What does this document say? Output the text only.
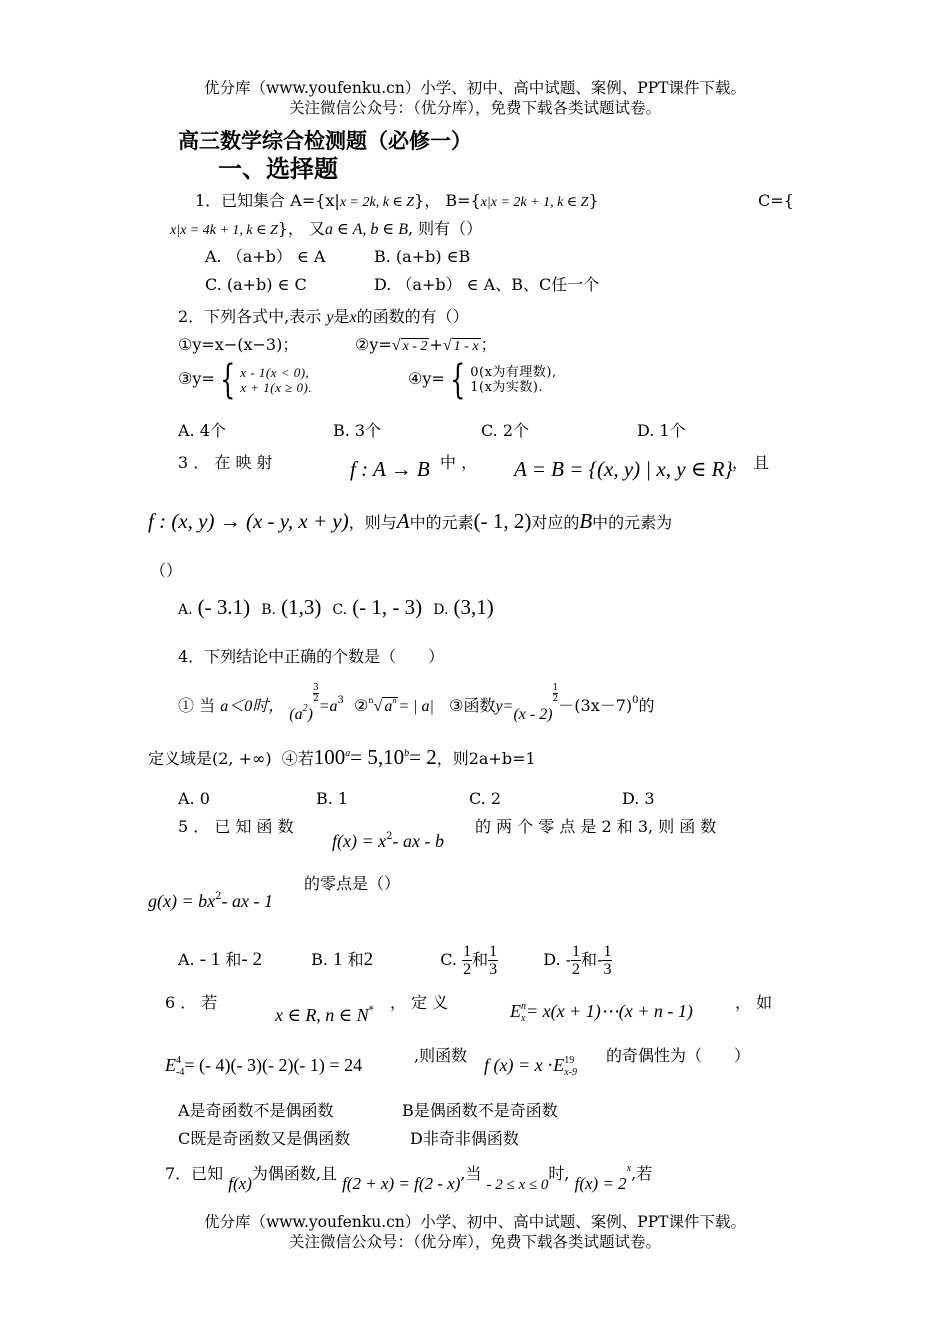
优分库（www.youfenku.cn）小学、初中、高中试题、案例、PPT课件下载。
关注微信公众号：（优分库），免费下载各类试题试卷。
高三数学综合检测题（必修一）
一、选择题
1．已知集合 A={x|x = 2k, k ∈ Z}， B={x|x = 2k + 1, k ∈ Z}	C={
x|x = 4k + 1, k ∈ Z}， 又a ∈ A, b ∈ B, 则有（）
A. （a+b） ∈ A	B. (a+b) ∈B
C. (a+b) ∈ C	D. （a+b） ∈ A、B、C任一个
2．下列各式中,表示 y是x的函数的有（）
①y=x−(x−3)；	②y=√ x - 2 +√ 1 - x ；
③y= { x - 1(x < 0),
x + 1(x ≥ 0).	④y= { 0(x为有理数),
1(x为实数).
A. 4个	B. 3个	C. 2个	D. 1个
3 ． 在 映 射	f : A → B 中 ， A = B = {(x, y) | x, y ∈ R} ， 且
f : (x, y) → (x - y, x + y)，则与A中的元素(- 1, 2)对应的B中的元素为
（）
A. (- 3.1) B. (1,3) C. (- 1, - 3) D. (3,1)
4．下列结论中正确的个数是（　　）
① 当 a＜0时， $(a^2)$
$\frac{3}{2}$
$=a^3$ ②$^n$√ $a^n$ = | a| ③函数y=(x - 2)
$\frac{1}{2}$
$-(3x-7)^0$的
定义域是(2, +∞) ④若$100^a= 5,10^b= 2$，则2a+b=1
A. 0	B. 1	C. 2	D. 3
5 ． 已 知 函 数
$f(x) = x^2-$ ax - b
的 两 个 零 点 是 2 和 3, 则 函 数
$g(x) = bx^2-$ ax - 1
的零点是（）
A. - 1 和- 2	B. 1 和2	C. $\frac{1}{2}$ 和 $\frac{1}{3}$	D. - $\frac{1}{2}$ 和- $\frac{1}{3}$
6 ． 若
x ∈ R, n ∈ N* ， 定 义	E n
x = x(x + 1)⋯(x + n - 1)	， 如
E 4
-4 = (- 4)(- 3)(- 2)(- 1) = 24	,则函数 f (x) = x ⋅E 19
x-9
的奇偶性为（　　）
A是奇函数不是偶函数	B是偶函数不是奇函数
C既是奇函数又是偶函数	D非奇非偶函数
7．已知 f(x)为偶函数,且 f(2 + x) = f(2 - x),当 - 2 ≤ x ≤ 0时, $f(x) = 2^x$,若
优分库（www.youfenku.cn）小学、初中、高中试题、案例、PPT课件下载。
关注微信公众号：（优分库），免费下载各类试题试卷。
